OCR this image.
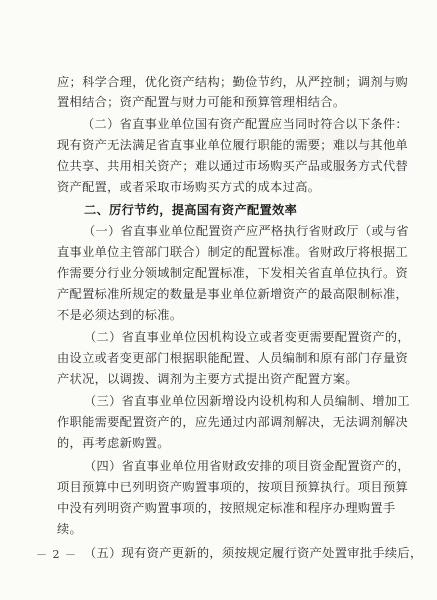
应；科学合理，优化资产结构；勤俭节约，从严控制；调剂与购
置相结合；资产配置与财力可能和预算管理相结合。
（二）省直事业单位国有资产配置应当同时符合以下条件：
现有资产无法满足省直事业单位履行职能的需要；难以与其他单
位共享、共用相关资产；难以通过市场购买产品或服务方式代替
资产配置，或者采取市场购买方式的成本过高。
二、厉行节约，提高国有资产配置效率
（一）省直事业单位配置资产应严格执行省财政厅（或与省
直事业单位主管部门联合）制定的配置标准。省财政厅将根据工
作需要分行业分领域制定配置标准，下发相关省直单位执行。资
产配置标准所规定的数量是事业单位新增资产的最高限制标准，
不是必须达到的标准。
（二）省直事业单位因机构设立或者变更需要配置资产的，
由设立或者变更部门根据职能配置、人员编制和原有部门存量资
产状况，以调拨、调剂为主要方式提出资产配置方案。
（三）省直事业单位因新增设内设机构和人员编制、增加工
作职能需要配置资产的，应先通过内部调剂解决，无法调剂解决
的，再考虑新购置。
（四）省直事业单位用省财政安排的项目资金配置资产的，
项目预算中已列明资产购置事项的，按项目预算执行。项目预算
中没有列明资产购置事项的，按照规定标准和程序办理购置手
续。
（五）现有资产更新的，须按规定履行资产处置审批手续后，
－ 2 －
